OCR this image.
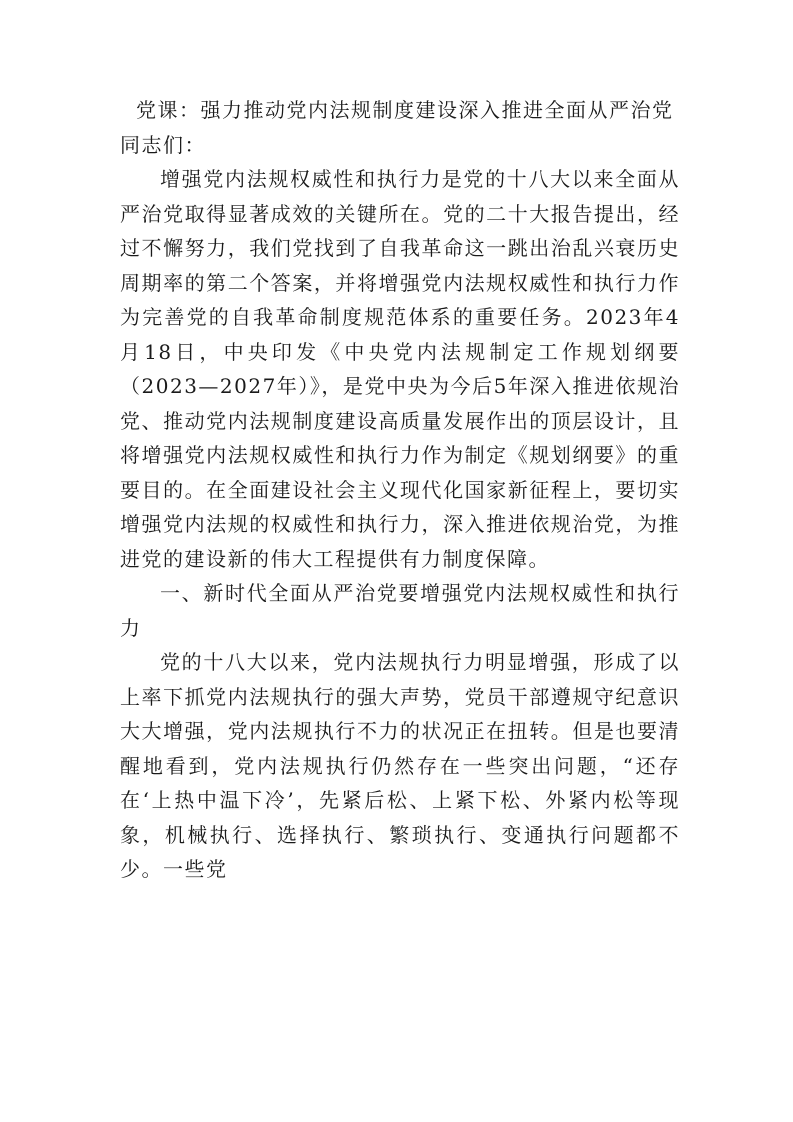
党课：强力推动党内法规制度建设深入推进全面从严治党

同志们：

增强党内法规权威性和执行力是党的十八大以来全面从严治党取得显著成效的关键所在。党的二十大报告提出，经过不懈努力，我们党找到了自我革命这一跳出治乱兴衰历史周期率的第二个答案，并将增强党内法规权威性和执行力作为完善党的自我革命制度规范体系的重要任务。2023年4月18日，中央印发《中央党内法规制定工作规划纲要（2023—2027年）》，是党中央为今后5年深入推进依规治党、推动党内法规制度建设高质量发展作出的顶层设计，且将增强党内法规权威性和执行力作为制定《规划纲要》的重要目的。在全面建设社会主义现代化国家新征程上，要切实增强党内法规的权威性和执行力，深入推进依规治党，为推进党的建设新的伟大工程提供有力制度保障。

一、新时代全面从严治党要增强党内法规权威性和执行力

党的十八大以来，党内法规执行力明显增强，形成了以上率下抓党内法规执行的强大声势，党员干部遵规守纪意识大大增强，党内法规执行不力的状况正在扭转。但是也要清醒地看到，党内法规执行仍然存在一些突出问题，“还存在‘上热中温下冷’，先紧后松、上紧下松、外紧内松等现象，机械执行、选择执行、繁琐执行、变通执行问题都不少。一些党
